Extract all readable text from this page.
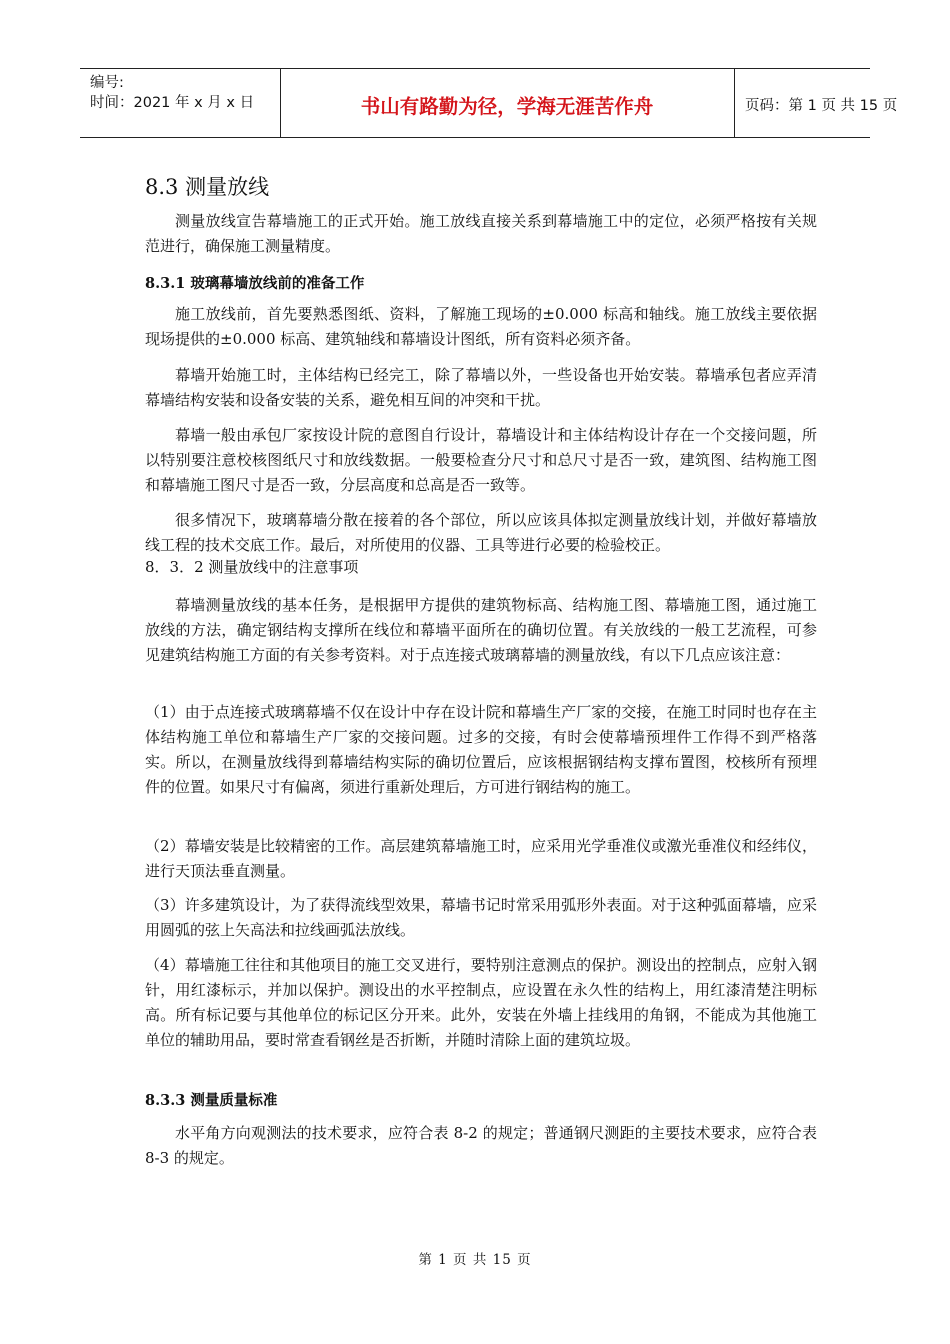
编号:
时间：2021 年 x 月 x 日	书山有路勤为径，学海无涯苦作舟	页码：第 1 页 共 15 页
8.3 测量放线
测量放线宣告幕墙施工的正式开始。施工放线直接关系到幕墙施工中的定位，必须严格按有关规范进行，确保施工测量精度。
8.3.1 玻璃幕墙放线前的准备工作
施工放线前，首先要熟悉图纸、资料，了解施工现场的±0.000 标高和轴线。施工放线主要依据现场提供的±0.000 标高、建筑轴线和幕墙设计图纸，所有资料必须齐备。
幕墙开始施工时，主体结构已经完工，除了幕墙以外，一些设备也开始安装。幕墙承包者应弄清幕墙结构安装和设备安装的关系，避免相互间的冲突和干扰。
幕墙一般由承包厂家按设计院的意图自行设计，幕墙设计和主体结构设计存在一个交接问题，所以特别要注意校核图纸尺寸和放线数据。一般要检查分尺寸和总尺寸是否一致，建筑图、结构施工图和幕墙施工图尺寸是否一致，分层高度和总高是否一致等。
很多情况下，玻璃幕墙分散在接着的各个部位，所以应该具体拟定测量放线计划，并做好幕墙放线工程的技术交底工作。最后，对所使用的仪器、工具等进行必要的检验校正。
8．3．2 测量放线中的注意事项
幕墙测量放线的基本任务，是根据甲方提供的建筑物标高、结构施工图、幕墙施工图，通过施工放线的方法，确定钢结构支撑所在线位和幕墙平面所在的确切位置。有关放线的一般工艺流程，可参见建筑结构施工方面的有关参考资料。对于点连接式玻璃幕墙的测量放线，有以下几点应该注意：
（1）由于点连接式玻璃幕墙不仅在设计中存在设计院和幕墙生产厂家的交接，在施工时同时也存在主体结构施工单位和幕墙生产厂家的交接问题。过多的交接，有时会使幕墙预埋件工作得不到严格落实。所以，在测量放线得到幕墙结构实际的确切位置后，应该根据钢结构支撑布置图，校核所有预埋件的位置。如果尺寸有偏离，须进行重新处理后，方可进行钢结构的施工。
（2）幕墙安装是比较精密的工作。高层建筑幕墙施工时，应采用光学垂准仪或激光垂准仪和经纬仪，进行天顶法垂直测量。
（3）许多建筑设计，为了获得流线型效果，幕墙书记时常采用弧形外表面。对于这种弧面幕墙，应采用圆弧的弦上矢高法和拉线画弧法放线。
（4）幕墙施工往往和其他项目的施工交叉进行，要特别注意测点的保护。测设出的控制点，应射入钢针，用红漆标示，并加以保护。测设出的水平控制点，应设置在永久性的结构上，用红漆清楚注明标高。所有标记要与其他单位的标记区分开来。此外，安装在外墙上挂线用的角钢，不能成为其他施工单位的辅助用品，要时常查看钢丝是否折断，并随时清除上面的建筑垃圾。
8.3.3 测量质量标准
水平角方向观测法的技术要求，应符合表 8-2 的规定；普通钢尺测距的主要技术要求，应符合表 8-3 的规定。
第 1 页 共 15 页
